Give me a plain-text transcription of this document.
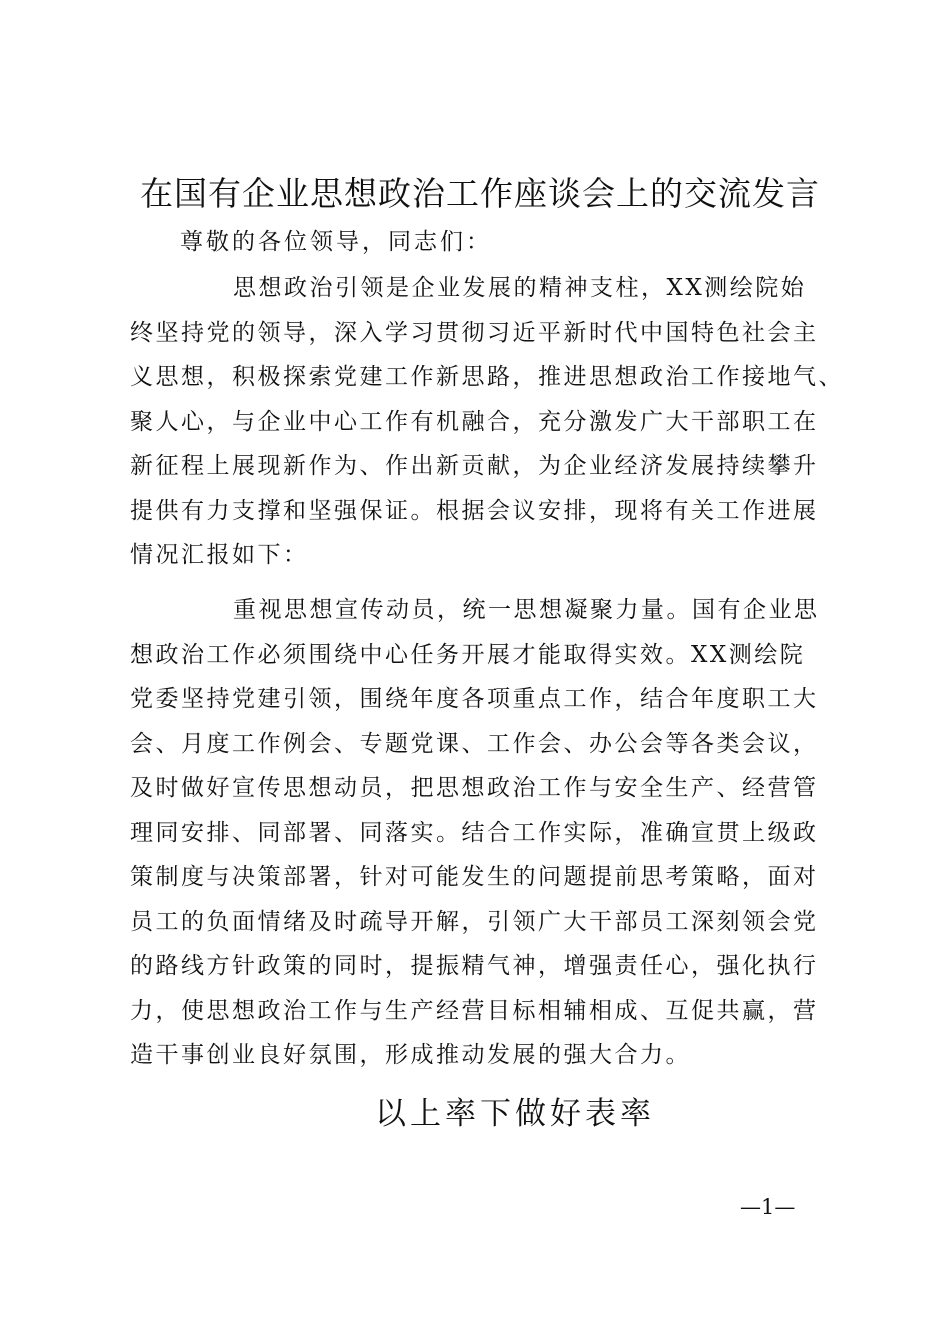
在国有企业思想政治工作座谈会上的交流发言
尊敬的各位领导，同志们：
思想政治引领是企业发展的精神支柱，XX测绘院始
终坚持党的领导，深入学习贯彻习近平新时代中国特色社会主
义思想，积极探索党建工作新思路，推进思想政治工作接地气、
聚人心，与企业中心工作有机融合，充分激发广大干部职工在
新征程上展现新作为、作出新贡献，为企业经济发展持续攀升
提供有力支撑和坚强保证。根据会议安排，现将有关工作进展
情况汇报如下：
重视思想宣传动员，统一思想凝聚力量。国有企业思
想政治工作必须围绕中心任务开展才能取得实效。XX测绘院
党委坚持党建引领，围绕年度各项重点工作，结合年度职工大
会、月度工作例会、专题党课、工作会、办公会等各类会议，
及时做好宣传思想动员，把思想政治工作与安全生产、经营管
理同安排、同部署、同落实。结合工作实际，准确宣贯上级政
策制度与决策部署，针对可能发生的问题提前思考策略，面对
员工的负面情绪及时疏导开解，引领广大干部员工深刻领会党
的路线方针政策的同时，提振精气神，增强责任心，强化执行
力，使思想政治工作与生产经营目标相辅相成、互促共赢，营
造干事创业良好氛围，形成推动发展的强大合力。
以上率下做好表率
—1—
